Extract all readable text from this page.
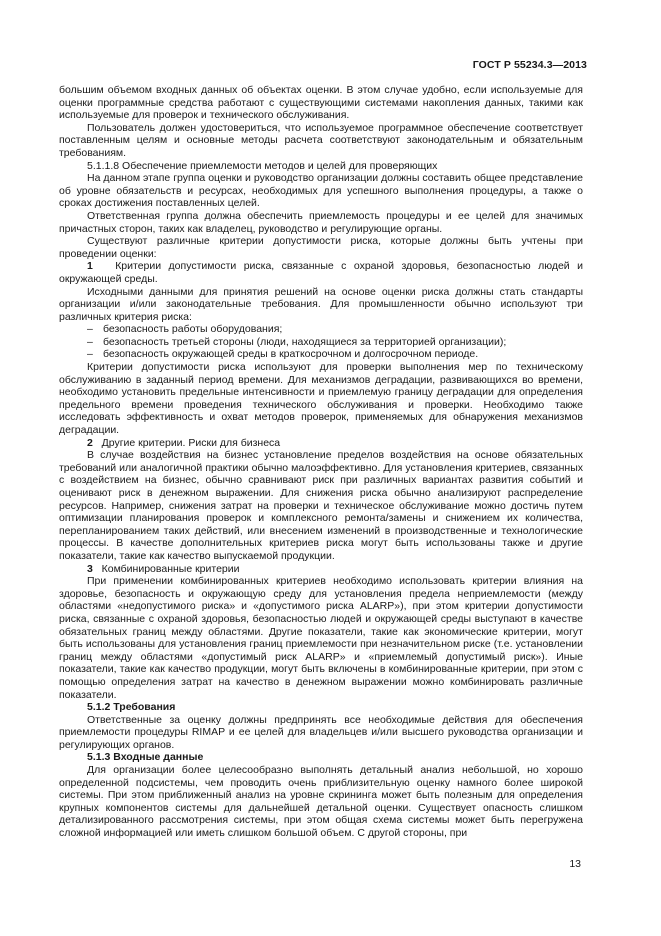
ГОСТ Р 55234.3—2013

большим объемом входных данных об объектах оценки. В этом случае удобно, если используемые для оценки программные средства работают с существующими системами накопления данных, такими как используемые для проверок и технического обслуживания.

Пользователь должен удостовериться, что используемое программное обеспечение соответствует поставленным целям и основные методы расчета соответствуют законодательным и обязательным требованиям.

5.1.1.8 Обеспечение приемлемости методов и целей для проверяющих

На данном этапе группа оценки и руководство организации должны составить общее представление об уровне обязательств и ресурсах, необходимых для успешного выполнения процедуры, а также о сроках достижения поставленных целей.

Ответственная группа должна обеспечить приемлемость процедуры и ее целей для значимых причастных сторон, таких как владелец, руководство и регулирующие органы.

Существуют различные критерии допустимости риска, которые должны быть учтены при проведении оценки:

1 Критерии допустимости риска, связанные с охраной здоровья, безопасностью людей и окружающей среды.

Исходными данными для принятия решений на основе оценки риска должны стать стандарты организации и/или законодательные требования. Для промышленности обычно используют три различных критерия риска:

– безопасность работы оборудования;

– безопасность третьей стороны (люди, находящиеся за территорией организации);

– безопасность окружающей среды в краткосрочном и долгосрочном периоде.

Критерии допустимости риска используют для проверки выполнения мер по техническому обслуживанию в заданный период времени. Для механизмов деградации, развивающихся во времени, необходимо установить предельные интенсивности и приемлемую границу деградации для определения предельного времени проведения технического обслуживания и проверки. Необходимо также исследовать эффективность и охват методов проверок, применяемых для обнаружения механизмов деградации.

2 Другие критерии. Риски для бизнеса

В случае воздействия на бизнес установление пределов воздействия на основе обязательных требований или аналогичной практики обычно малоэффективно. Для установления критериев, связанных с воздействием на бизнес, обычно сравнивают риск при различных вариантах развития событий и оценивают риск в денежном выражении. Для снижения риска обычно анализируют распределение ресурсов. Например, снижения затрат на проверки и техническое обслуживание можно достичь путем оптимизации планирования проверок и комплексного ремонта/замены и снижением их количества, перепланированием таких действий, или внесением изменений в производственные и технологические процессы. В качестве дополнительных критериев риска могут быть использованы также и другие показатели, такие как качество выпускаемой продукции.

3 Комбинированные критерии

При применении комбинированных критериев необходимо использовать критерии влияния на здоровье, безопасность и окружающую среду для установления предела неприемлемости (между областями «недопустимого риска» и «допустимого риска ALARP»), при этом критерии допустимости риска, связанные с охраной здоровья, безопасностью людей и окружающей среды выступают в качестве обязательных границ между областями. Другие показатели, такие как экономические критерии, могут быть использованы для установления границ приемлемости при незначительном риске (т.е. установлении границ между областями «допустимый риск ALARP» и «приемлемый допустимый риск»). Иные показатели, такие как качество продукции, могут быть включены в комбинированные критерии, при этом с помощью определения затрат на качество в денежном выражении можно комбинировать различные показатели.

5.1.2 Требования

Ответственные за оценку должны предпринять все необходимые действия для обеспечения приемлемости процедуры RIMAP и ее целей для владельцев и/или высшего руководства организации и регулирующих органов.

5.1.3 Входные данные

Для организации более целесообразно выполнять детальный анализ небольшой, но хорошо определенной подсистемы, чем проводить очень приблизительную оценку намного более широкой системы. При этом приближенный анализ на уровне скрининга может быть полезным для определения крупных компонентов системы для дальнейшей детальной оценки. Существует опасность слишком детализированного рассмотрения системы, при этом общая схема системы может быть перегружена сложной информацией или иметь слишком большой объем. С другой стороны, при

13
